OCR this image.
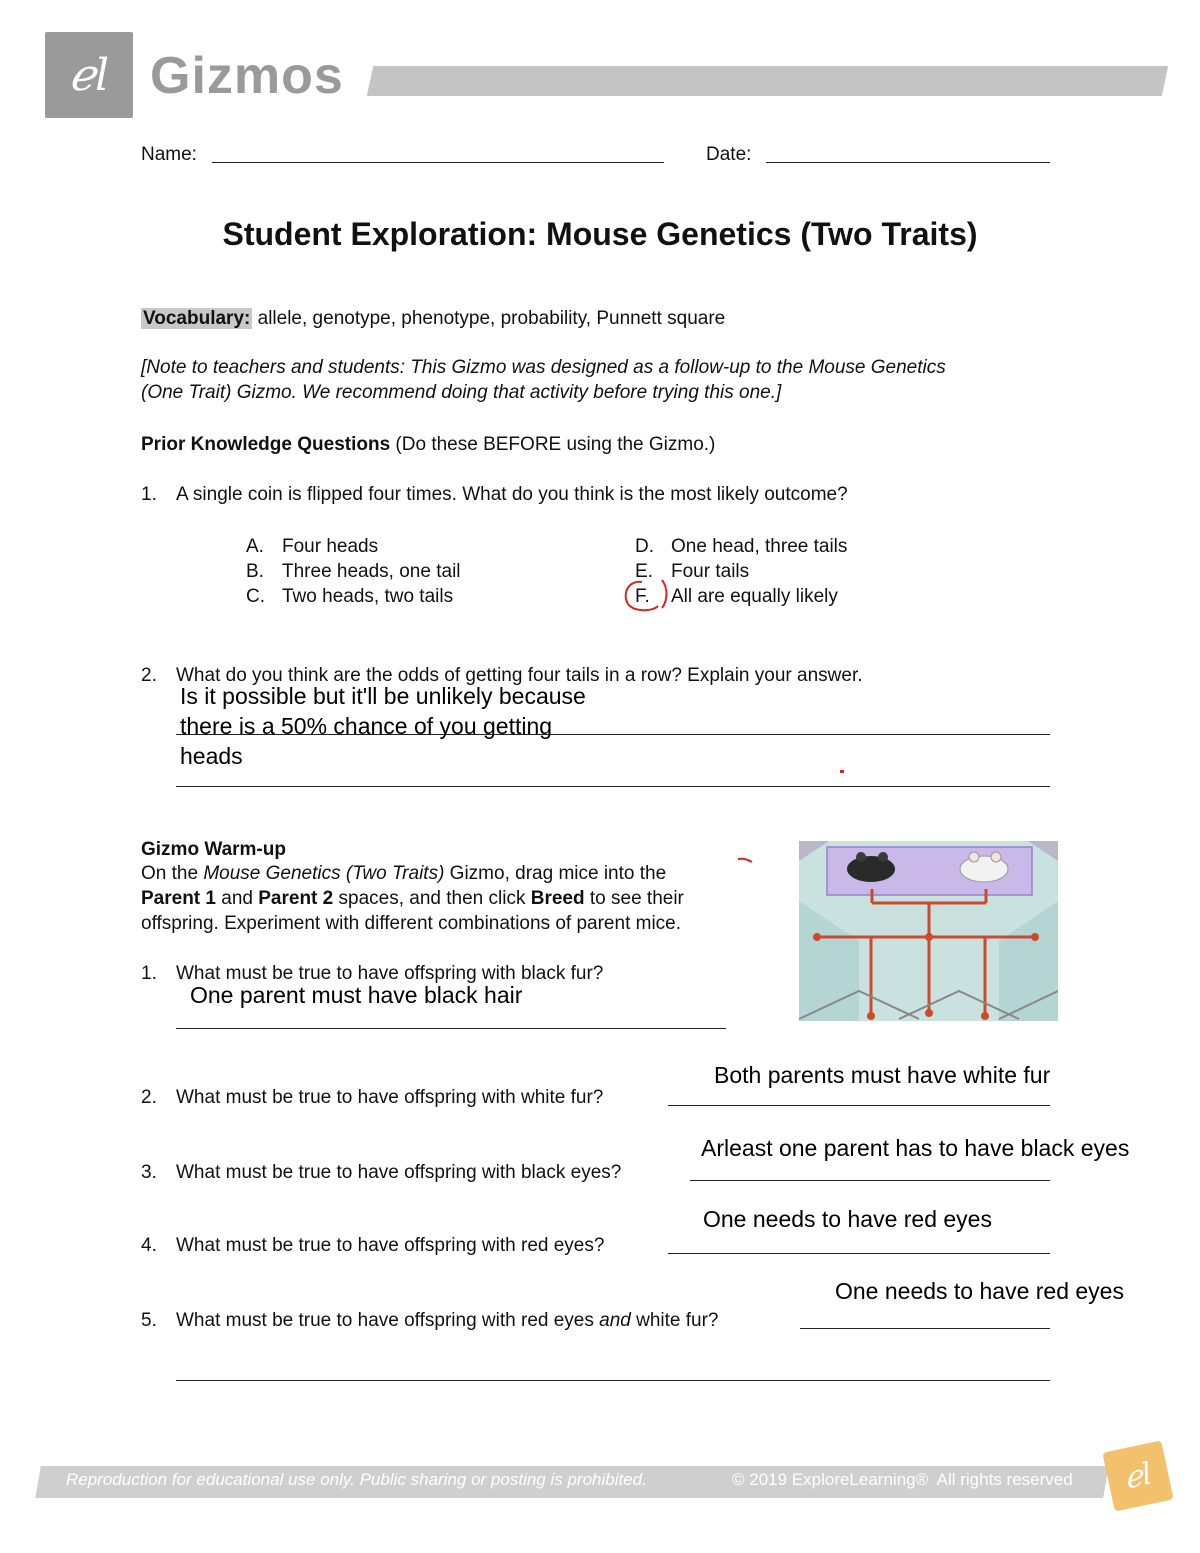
ℯl Gizmos
Name:	Date:
Student Exploration: Mouse Genetics (Two Traits)
Vocabulary: allele, genotype, phenotype, probability, Punnett square
[Note to teachers and students: This Gizmo was designed as a follow-up to the Mouse Genetics
(One Trait) Gizmo. We recommend doing that activity before trying this one.]
Prior Knowledge Questions (Do these BEFORE using the Gizmo.)
1. A single coin is flipped four times. What do you think is the most likely outcome?
A. Four heads
B. Three heads, one tail
C. Two heads, two tails
D. One head, three tails
E. Four tails
F. All are equally likely
2. What do you think are the odds of getting four tails in a row? Explain your answer.
Is it possible but it'll be unlikely because
there is a 50% chance of you getting
heads
Gizmo Warm-up
On the Mouse Genetics (Two Traits) Gizmo, drag mice into the
Parent 1 and Parent 2 spaces, and then click Breed to see their
offspring. Experiment with different combinations of parent mice.
1. What must be true to have offspring with black fur?
One parent must have black hair
Both parents must have white fur
2. What must be true to have offspring with white fur?
Arleast one parent has to have black eyes
3. What must be true to have offspring with black eyes?
One needs to have red eyes
4. What must be true to have offspring with red eyes?
One needs to have red eyes
5. What must be true to have offspring with red eyes and white fur?
Reproduction for educational use only. Public sharing or posting is prohibited.	© 2019 ExploreLearning®  All rights reserved ℯl
